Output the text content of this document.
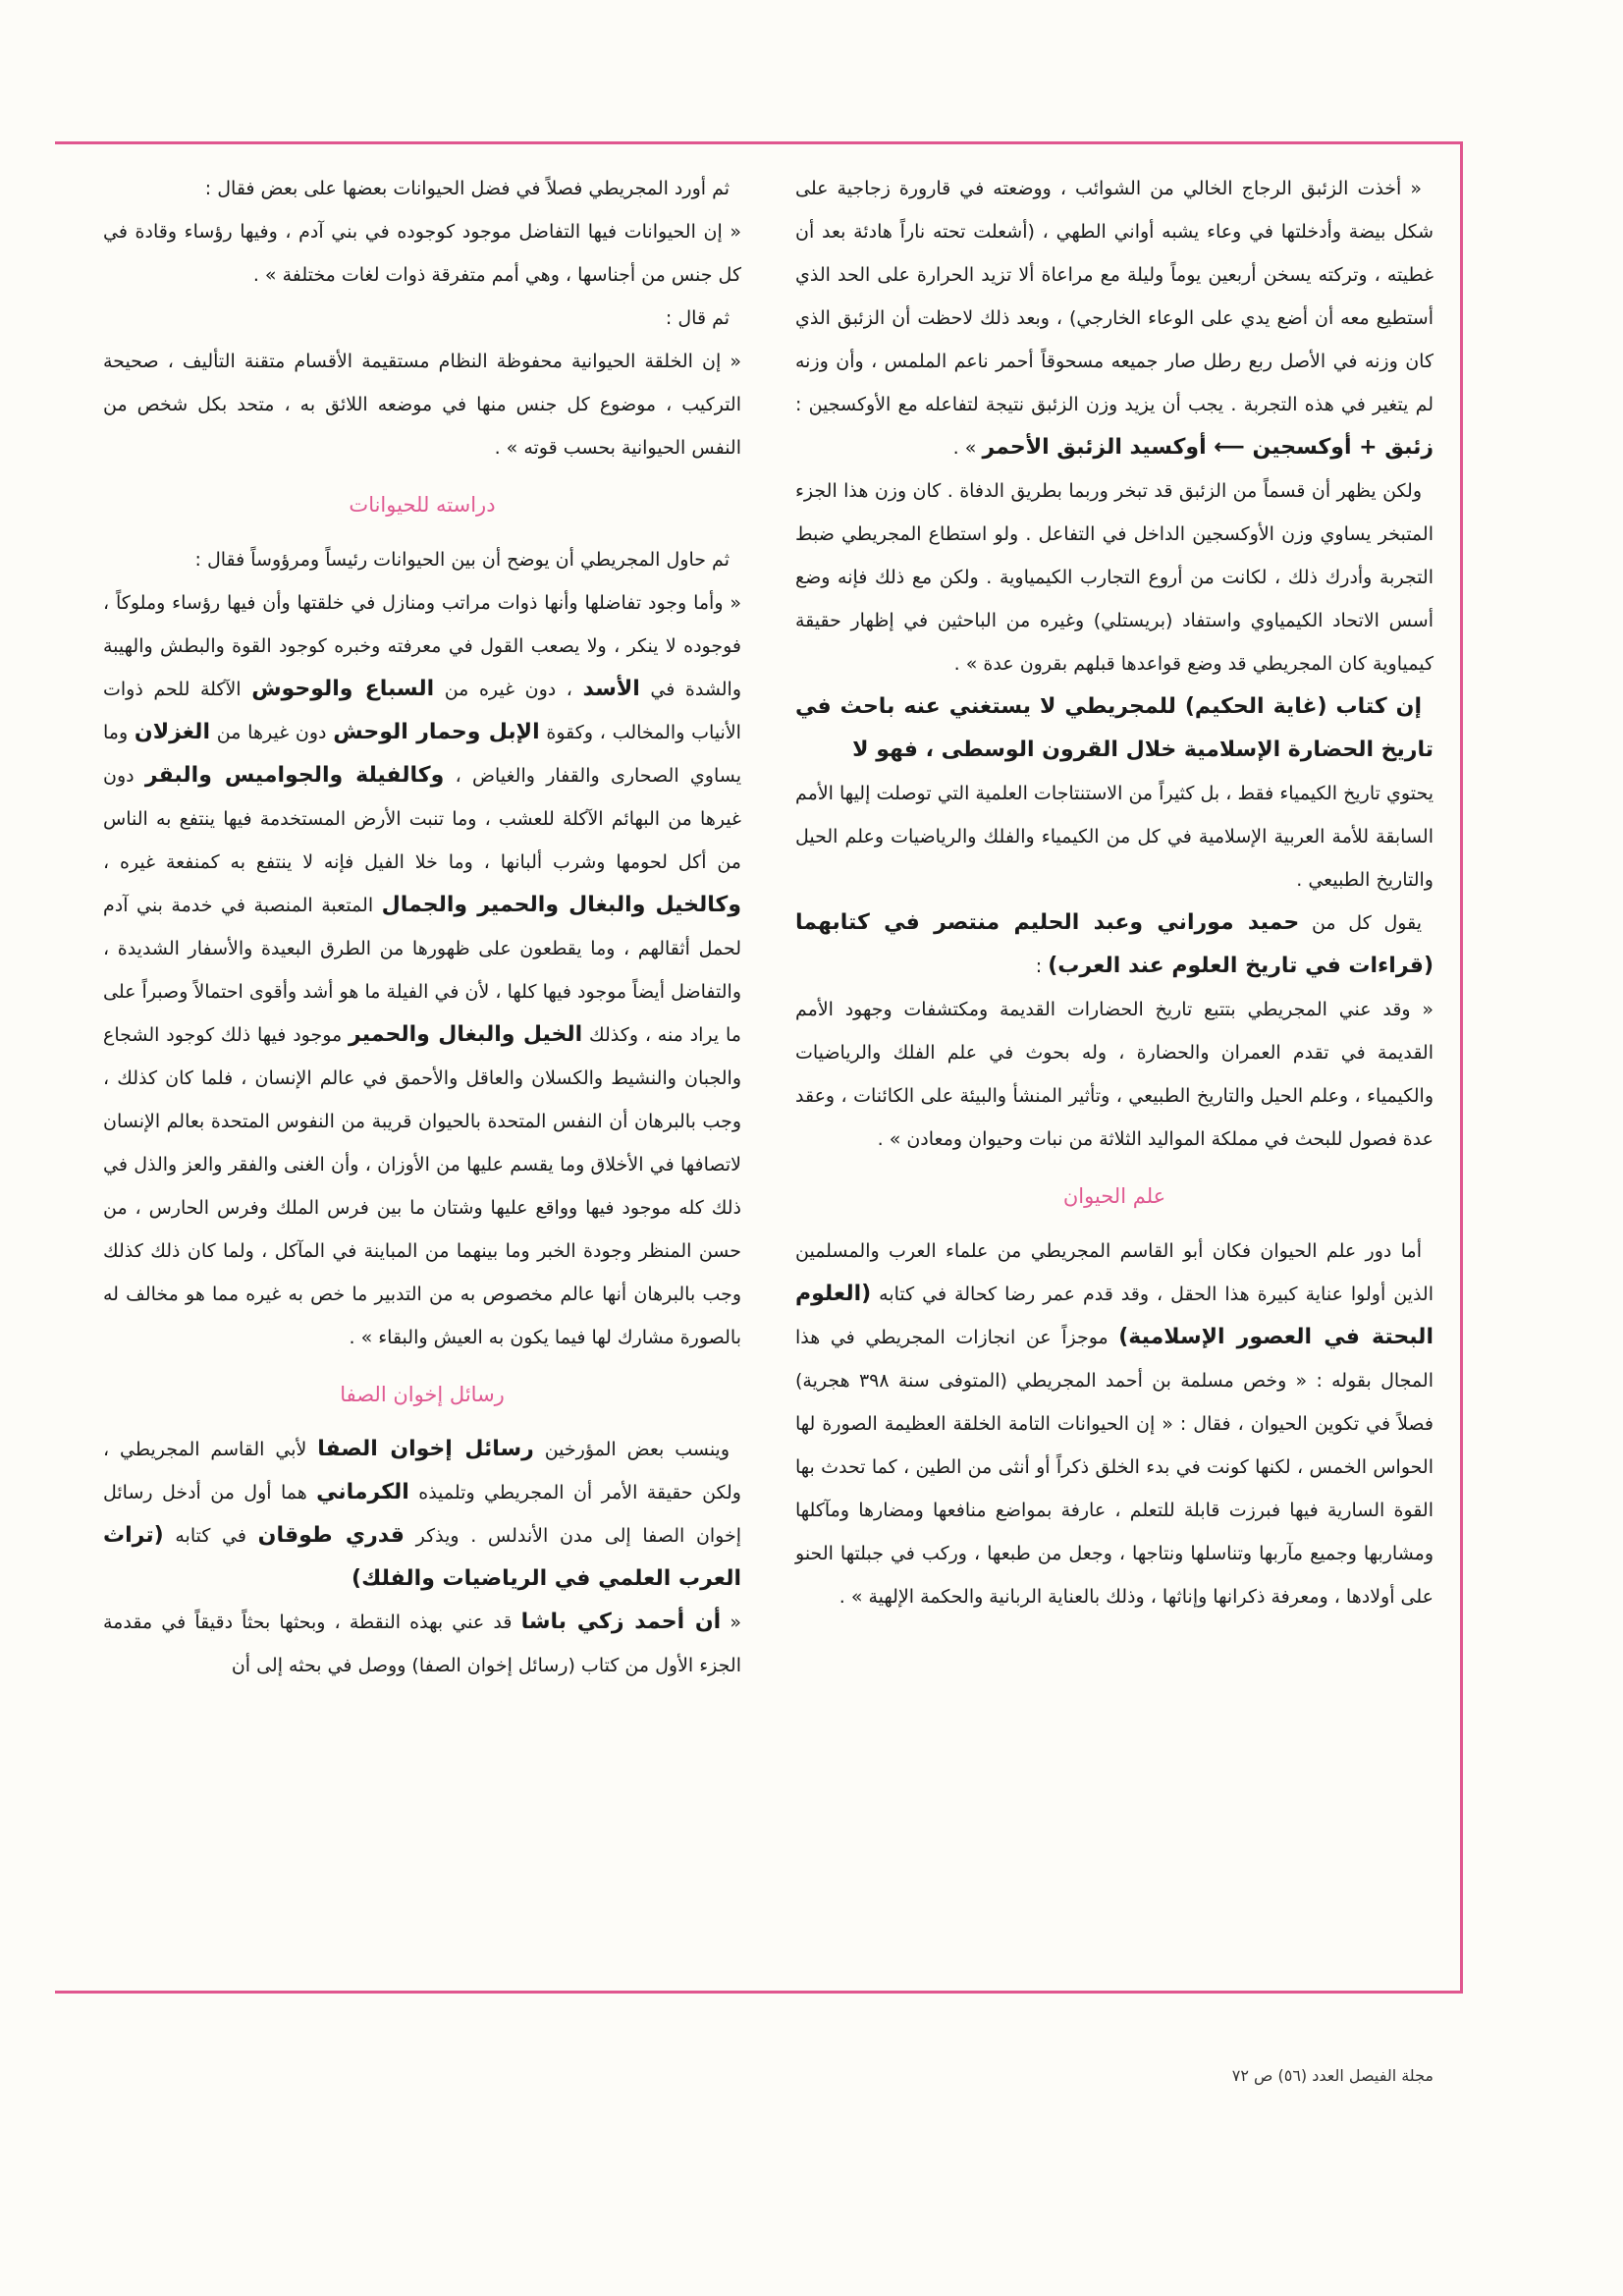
« أخذت الزئبق الرجاج الخالي من الشوائب ، ووضعته في قارورة زجاجية على شكل بيضة وأدخلتها في وعاء يشبه أواني الطهي ، (أشعلت تحته ناراً هادئة بعد أن غطيته ، وتركته يسخن أربعين يوماً وليلة مع مراعاة ألا تزيد الحرارة على الحد الذي أستطيع معه أن أضع يدي على الوعاء الخارجي) ، وبعد ذلك لاحظت أن الزئبق الذي كان وزنه في الأصل ربع رطل صار جميعه مسحوقاً أحمر ناعم الملمس ، وأن وزنه لم يتغير في هذه التجربة . يجب أن يزيد وزن الزئبق نتيجة لتفاعله مع الأوكسجين : زئبق + أوكسجين ⟵ أوكسيد الزئبق الأحمر » .

ولكن يظهر أن قسماً من الزئبق قد تبخر وربما بطريق الدفاة . كان وزن هذا الجزء المتبخر يساوي وزن الأوكسجين الداخل في التفاعل . ولو استطاع المجريطي ضبط التجربة وأدرك ذلك ، لكانت من أروع التجارب الكيمياوية . ولكن مع ذلك فإنه وضع أسس الاتحاد الكيمياوي واستفاد (بريستلي) وغيره من الباحثين في إظهار حقيقة كيمياوية كان المجريطي قد وضع قواعدها قبلهم بقرون عدة » .

إن كتاب (غاية الحكيم) للمجريطي لا يستغني عنه باحث في تاريخ الحضارة الإسلامية خلال القرون الوسطى ، فهو لا

يحتوي تاريخ الكيمياء فقط ، بل كثيراً من الاستنتاجات العلمية التي توصلت إليها الأمم السابقة للأمة العربية الإسلامية في كل من الكيمياء والفلك والرياضيات وعلم الحيل والتاريخ الطبيعي .

يقول كل من حميد موراني وعبد الحليم منتصر في كتابهما (قراءات في تاريخ العلوم عند العرب) :

« وقد عني المجريطي بتتبع تاريخ الحضارات القديمة ومكتشفات وجهود الأمم القديمة في تقدم العمران والحضارة ، وله بحوث في علم الفلك والرياضيات والكيمياء ، وعلم الحيل والتاريخ الطبيعي ، وتأثير المنشأ والبيئة على الكائنات ، وعقد عدة فصول للبحث في مملكة المواليد الثلاثة من نبات وحيوان ومعادن » .

علم الحيوان

أما دور علم الحيوان فكان أبو القاسم المجريطي من علماء العرب والمسلمين الذين أولوا عناية كبيرة هذا الحقل ، وقد قدم عمر رضا كحالة في كتابه (العلوم البحتة في العصور الإسلامية) موجزاً عن انجازات المجريطي في هذا المجال بقوله : « وخص مسلمة بن أحمد المجريطي (المتوفى سنة ٣٩٨ هجرية) فصلاً في تكوين الحيوان ، فقال : « إن الحيوانات التامة الخلقة العظيمة الصورة لها الحواس الخمس ، لكنها كونت في بدء الخلق ذكراً أو أنثى من الطين ، كما تحدث بها القوة السارية فيها فبرزت قابلة للتعلم ، عارفة بمواضع منافعها ومضارها ومآكلها ومشاربها وجميع مآربها وتناسلها ونتاجها ، وجعل من طبعها ، وركب في جبلتها الحنو على أولادها ، ومعرفة ذكرانها وإناثها ، وذلك بالعناية الربانية والحكمة الإلهية » .

ثم أورد المجريطي فصلاً في فضل الحيوانات بعضها على بعض فقال :

« إن الحيوانات فيها التفاضل موجود كوجوده في بني آدم ، وفيها رؤساء وقادة في كل جنس من أجناسها ، وهي أمم متفرقة ذوات لغات مختلفة » .

ثم قال :

« إن الخلقة الحيوانية محفوظة النظام مستقيمة الأقسام متقنة التأليف ، صحيحة التركيب ، موضوع كل جنس منها في موضعه اللائق به ، متحد بكل شخص من النفس الحيوانية بحسب قوته » .

دراسته للحيوانات

ثم حاول المجريطي أن يوضح أن بين الحيوانات رئيساً ومرؤوساً فقال :

« وأما وجود تفاضلها وأنها ذوات مراتب ومنازل في خلقتها وأن فيها رؤساء وملوكاً ، فوجوده لا ينكر ، ولا يصعب القول في معرفته وخبره كوجود القوة والبطش والهيبة والشدة في الأسد ، دون غيره من السباع والوحوش الآكلة للحم ذوات الأنياب والمخالب ، وكقوة الإبل وحمار الوحش دون غيرها من الغزلان وما يساوي الصحارى والقفار والغياض ، وكالفيلة والجواميس والبقر دون غيرها من البهائم الآكلة للعشب ، وما تنبت الأرض المستخدمة فيها ينتفع به الناس من أكل لحومها وشرب ألبانها ، وما خلا الفيل فإنه لا ينتفع به كمنفعة غيره ، وكالخيل والبغال والحمير والجمال المتعبة المنصبة في خدمة بني آدم لحمل أثقالهم ، وما يقطعون على ظهورها من الطرق البعيدة والأسفار الشديدة ، والتفاضل أيضاً موجود فيها كلها ، لأن في الفيلة ما هو أشد وأقوى احتمالاً وصبراً على ما يراد منه ، وكذلك الخيل والبغال والحمير موجود فيها ذلك كوجود الشجاع والجبان والنشيط والكسلان والعاقل والأحمق في عالم الإنسان ، فلما كان كذلك ، وجب بالبرهان أن النفس المتحدة بالحيوان قريبة من النفوس المتحدة بعالم الإنسان لاتصافها في الأخلاق وما يقسم عليها من الأوزان ، وأن الغنى والفقر والعز والذل في ذلك كله موجود فيها وواقع عليها وشتان ما بين فرس الملك وفرس الحارس ، من حسن المنظر وجودة الخبر وما بينهما من المباينة في المآكل ، ولما كان ذلك كذلك وجب بالبرهان أنها عالم مخصوص به من التدبير ما خص به غيره مما هو مخالف له بالصورة مشارك لها فيما يكون به العيش والبقاء » .

رسائل إخوان الصفا

وينسب بعض المؤرخين رسائل إخوان الصفا لأبي القاسم المجريطي ، ولكن حقيقة الأمر أن المجريطي وتلميذه الكرماني هما أول من أدخل رسائل إخوان الصفا إلى مدن الأندلس . ويذكر قدري طوقان في كتابه (تراث العرب العلمي في الرياضيات والفلك)

« أن أحمد زكي باشا قد عني بهذه النقطة ، وبحثها بحثاً دقيقاً في مقدمة الجزء الأول من كتاب (رسائل إخوان الصفا) ووصل في بحثه إلى أن

مجلة الفيصل العدد (٥٦) ص ٧٢
